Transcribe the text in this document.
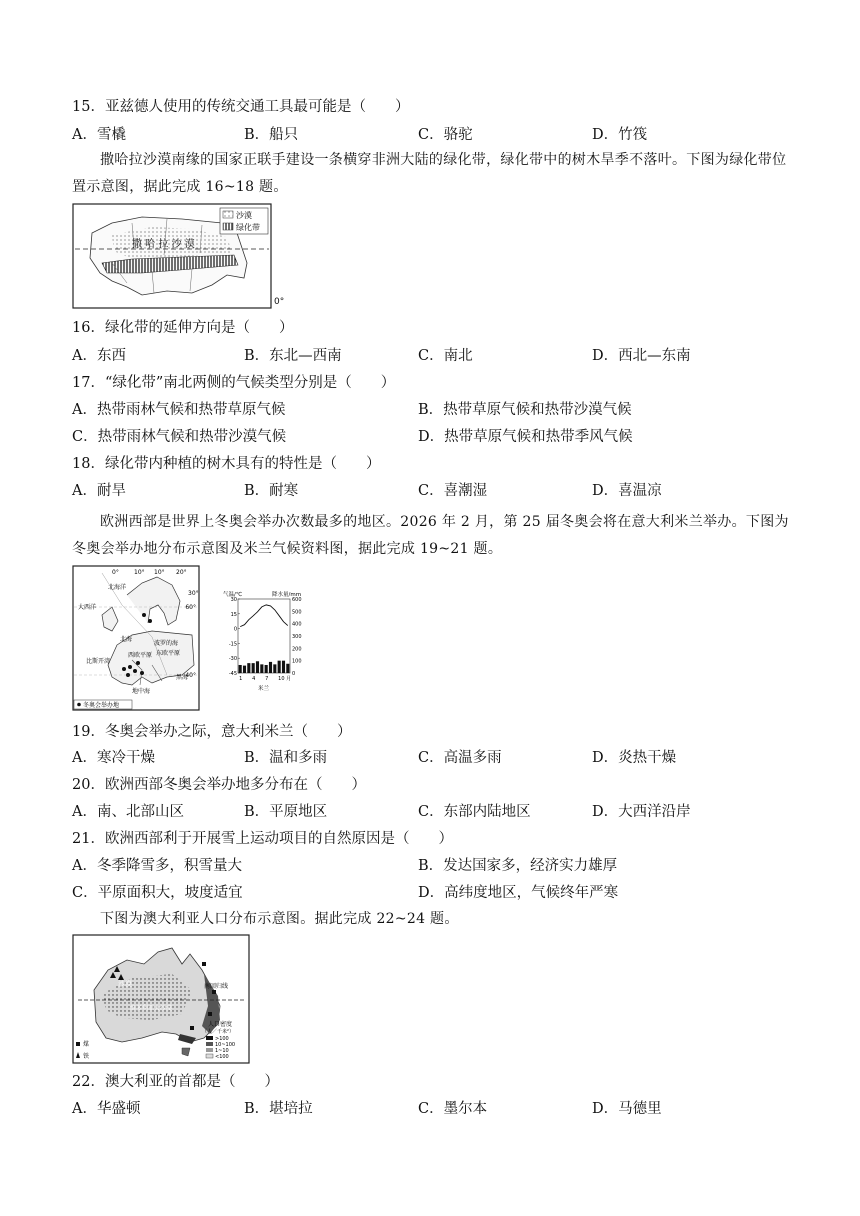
15．亚兹德人使用的传统交通工具最可能是（　　）
A．雪橇	B．船只	C．骆驼	D．竹筏
撒哈拉沙漠南缘的国家正联手建设一条横穿非洲大陆的绿化带，绿化带中的树木旱季不落叶。下图为绿化带位置示意图，据此完成 16~18 题。
撒 哈 拉 沙 漠
沙漠
绿化带
0°
16．绿化带的延伸方向是（　　）
A．东西	B．东北—西南	C．南北	D．西北—东南
17．“绿化带”南北两侧的气候类型分别是（　　）
A．热带雨林气候和热带草原气候	B．热带草原气候和热带沙漠气候
C．热带雨林气候和热带沙漠气候	D．热带草原气候和热带季风气候
18．绿化带内种植的树木具有的特性是（　　）
A．耐旱	B．耐寒	C．喜潮湿	D．喜温凉
欧洲西部是世界上冬奥会举办次数最多的地区。2026 年 2 月，第 25 届冬奥会将在意大利米兰举办。下图为冬奥会举办地分布示意图及米兰气候资料图，据此完成 19~21 题。
10°
0°	10° 20°
30°
北海洋
大西洋
北海
比斯开湾
波罗的海
黑海
地中海
西欧平原 东欧平原
60°
40°
冬奥会举办地
气温/℃	降水量/mm
30
15
0
-15
-30
-45
600
500
400
300
200
100
0
1 4 7 10 月
米兰
19．冬奥会举办之际，意大利米兰（　　）
A．寒冷干燥	B．温和多雨	C．高温多雨	D．炎热干燥
20．欧洲西部冬奥会举办地多分布在（　　）
A．南、北部山区	B．平原地区	C．东部内陆地区	D．大西洋沿岸
21．欧洲西部利于开展雪上运动项目的自然原因是（　　）
A．冬季降雪多，积雪量大	B．发达国家多，经济实力雄厚
C．平原面积大，坡度适宜	D．高纬度地区，气候终年严寒
下图为澳大利亚人口分布示意图。据此完成 22~24 题。
沙漠	南回归线
维多利亚大沙漠
人口密度
（人／千米²）
>100
10~100
1~10
<100
煤
铁
22．澳大利亚的首都是（　　）
A．华盛顿	B．堪培拉	C．墨尔本	D．马德里
